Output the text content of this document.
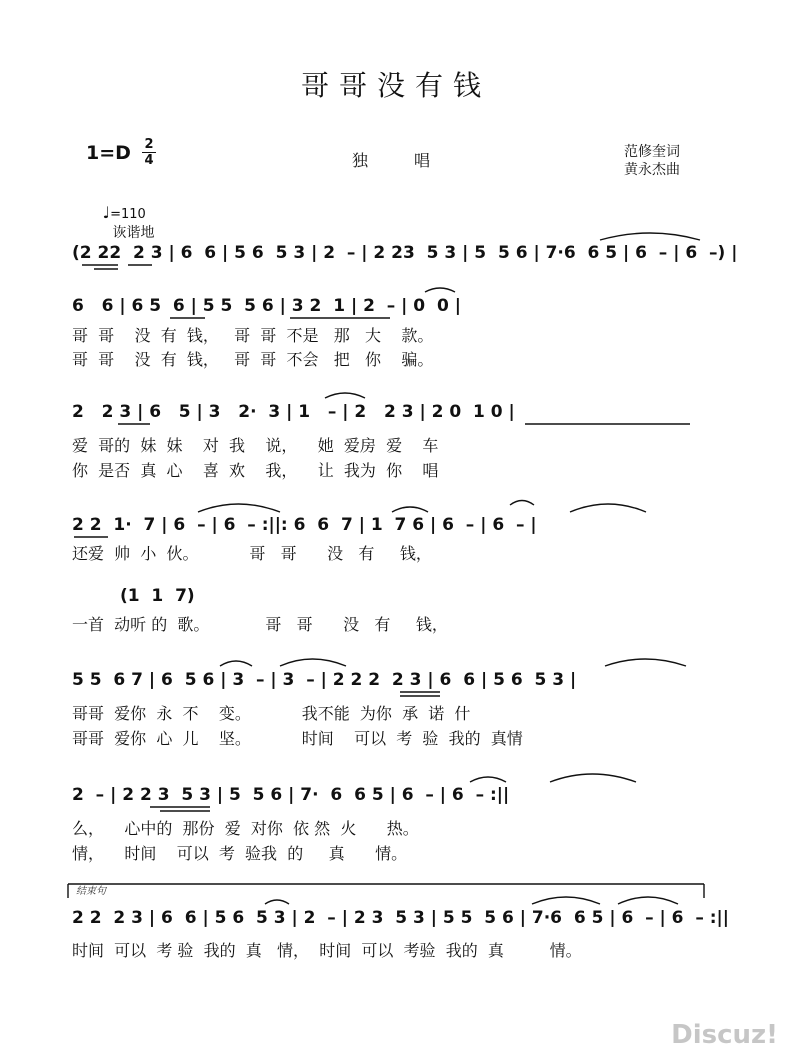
哥哥没有钱
1=D 2
4	独唱	范修奎词
黄永杰曲

♩=110
诙谐地

(2 22  2 3 | 6  6 | 5 6  5 3 | 2  – | 2 23  5 3 | 5  5 6 | 7·6  6 5 | 6  – | 6  –) |
6   6 | 6 5  6 | 5 5  5 6 | 3 2  1 | 2  – | 0  0 |
哥  哥    没  有  钱，   哥  哥  不是   那   大    款。
哥  哥    没  有  钱，   哥  哥  不会   把   你    骗。
2   2 3 | 6   5 | 3   2·  3 | 1   – | 2   2 3 | 2 0  1 0 |
爱  哥的  妹  妹    对  我    说，    她  爱房  爱    车
你  是否  真  心    喜  欢    我，    让  我为  你    唱
2 2  1·  7 | 6  – | 6  – :||: 6  6  7 | 1  7 6 | 6  – | 6  – |
还爱  帅  小  伙。          哥   哥      没   有     钱，
(1  1  7)
一首  动听 的  歌。           哥   哥      没   有     钱，
5 5  6 7 | 6  5 6 | 3  – | 3  – | 2 2 2  2 3 | 6  6 | 5 6  5 3 |
哥哥  爱你  永  不    变。          我不能  为你  承  诺  什
哥哥  爱你  心  儿    坚。          时间    可以  考  验  我的  真情
2  – | 2 2 3  5 3 | 5  5 6 | 7·  6  6 5 | 6  – | 6  – :||
么，    心中的  那份  爱  对你  依 然  火      热。
情，    时间    可以  考  验我  的     真      情。
结束句
2 2  2 3 | 6  6 | 5 6  5 3 | 2  – | 2 3  5 3 | 5 5  5 6 | 7·6  6 5 | 6  – | 6  – :||
时间  可以  考 验  我的  真   情，  时间  可以  考验  我的  真         情。
Discuz!
